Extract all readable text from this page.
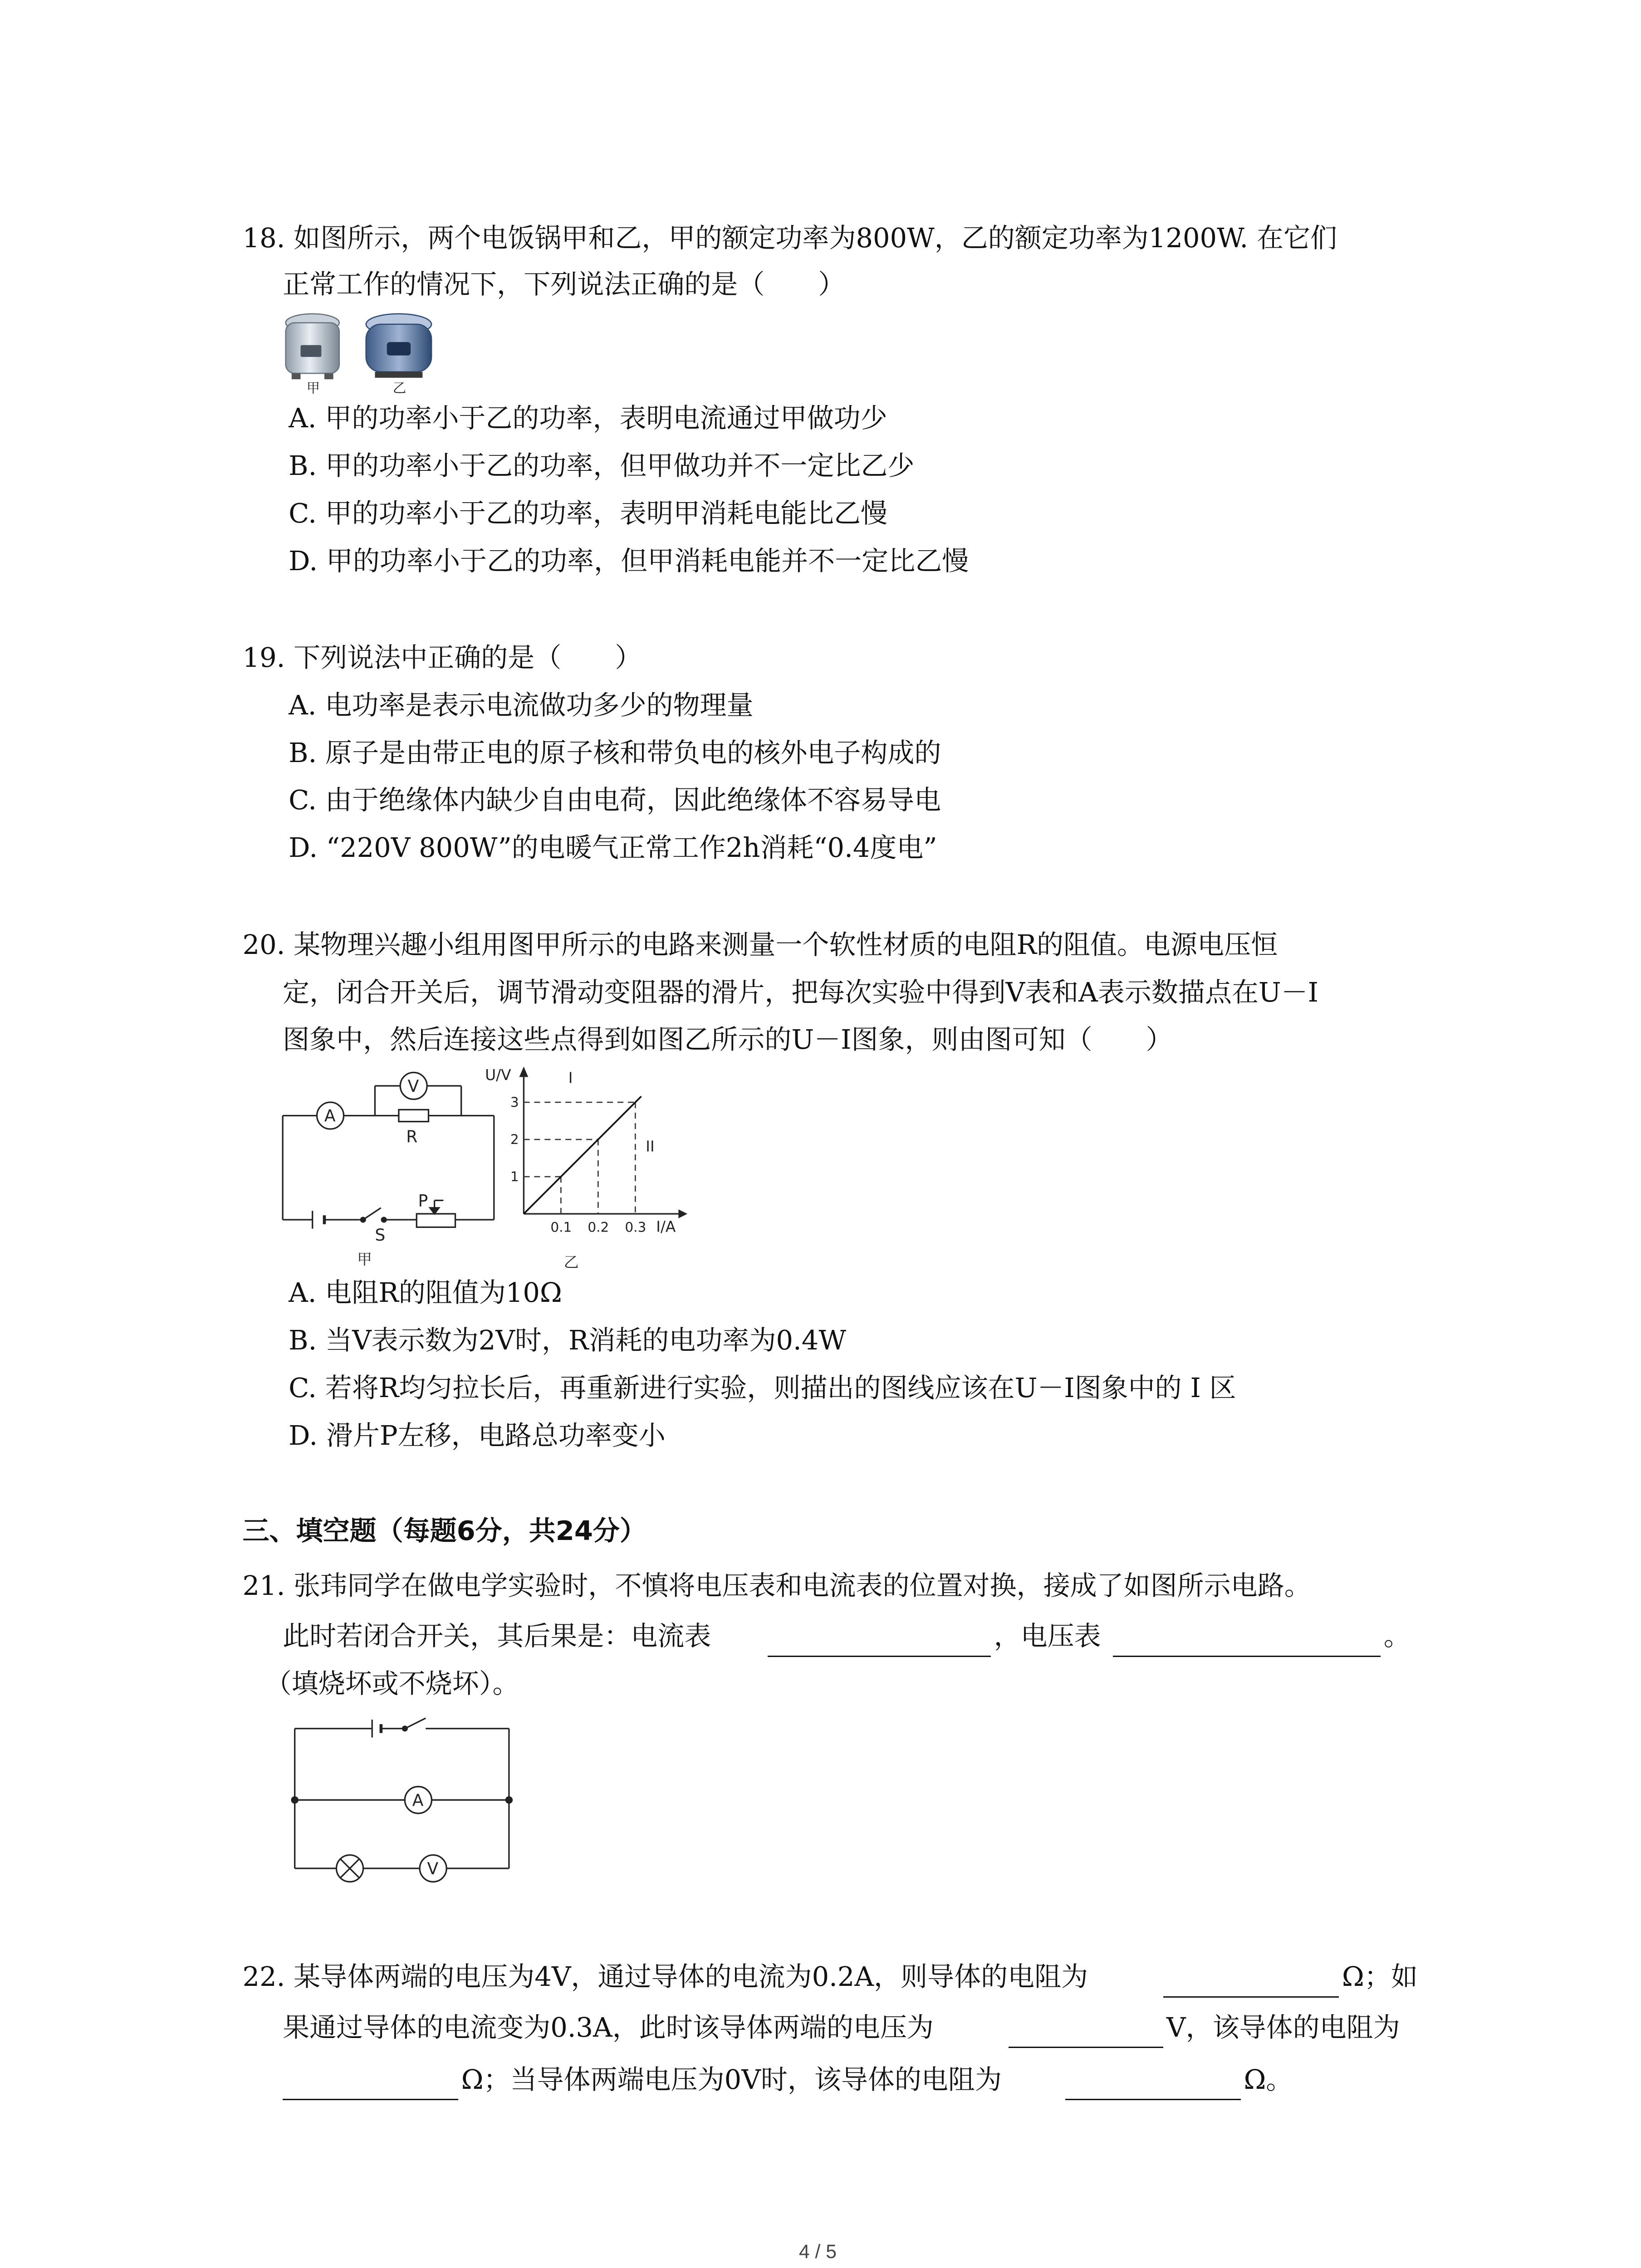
18. 如图所示，两个电饭锅甲和乙，甲的额定功率为800W，乙的额定功率为1200W. 在它们
正常工作的情况下，下列说法正确的是（　　）
甲	乙
A. 甲的功率小于乙的功率，表明电流通过甲做功少
B. 甲的功率小于乙的功率，但甲做功并不一定比乙少
C. 甲的功率小于乙的功率，表明甲消耗电能比乙慢
D. 甲的功率小于乙的功率，但甲消耗电能并不一定比乙慢
19. 下列说法中正确的是（　　）
A. 电功率是表示电流做功多少的物理量
B. 原子是由带正电的原子核和带负电的核外电子构成的
C. 由于绝缘体内缺少自由电荷，因此绝缘体不容易导电
D. “220V 800W”的电暖气正常工作2h消耗“0.4度电”
20. 某物理兴趣小组用图甲所示的电路来测量一个软性材质的电阻R的阻值。电源电压恒
定，闭合开关后，调节滑动变阻器的滑片，把每次实验中得到V表和A表示数描点在U－I
图象中，然后连接这些点得到如图乙所示的U－I图象，则由图可知（　　）
A
V
R
S
P
甲
U/V
I/A
I
II
乙
0.1
1
0.2
2
0.3
3
A. 电阻R的阻值为10Ω
B. 当V表示数为2V时，R消耗的电功率为0.4W
C. 若将R均匀拉长后，再重新进行实验，则描出的图线应该在U－I图象中的 I 区
D. 滑片P左移，电路总功率变小
三、填空题（每题6分，共24分）
21. 张玮同学在做电学实验时，不慎将电压表和电流表的位置对换，接成了如图所示电路。
此时若闭合开关，其后果是：电流表	，电压表	。
（填烧坏或不烧坏）。
A
V
22. 某导体两端的电压为4V，通过导体的电流为0.2A，则导体的电阻为	Ω；如
果通过导体的电流变为0.3A，此时该导体两端的电压为	V，该导体的电阻为
Ω；当导体两端电压为0V时，该导体的电阻为	Ω。
4 / 5
